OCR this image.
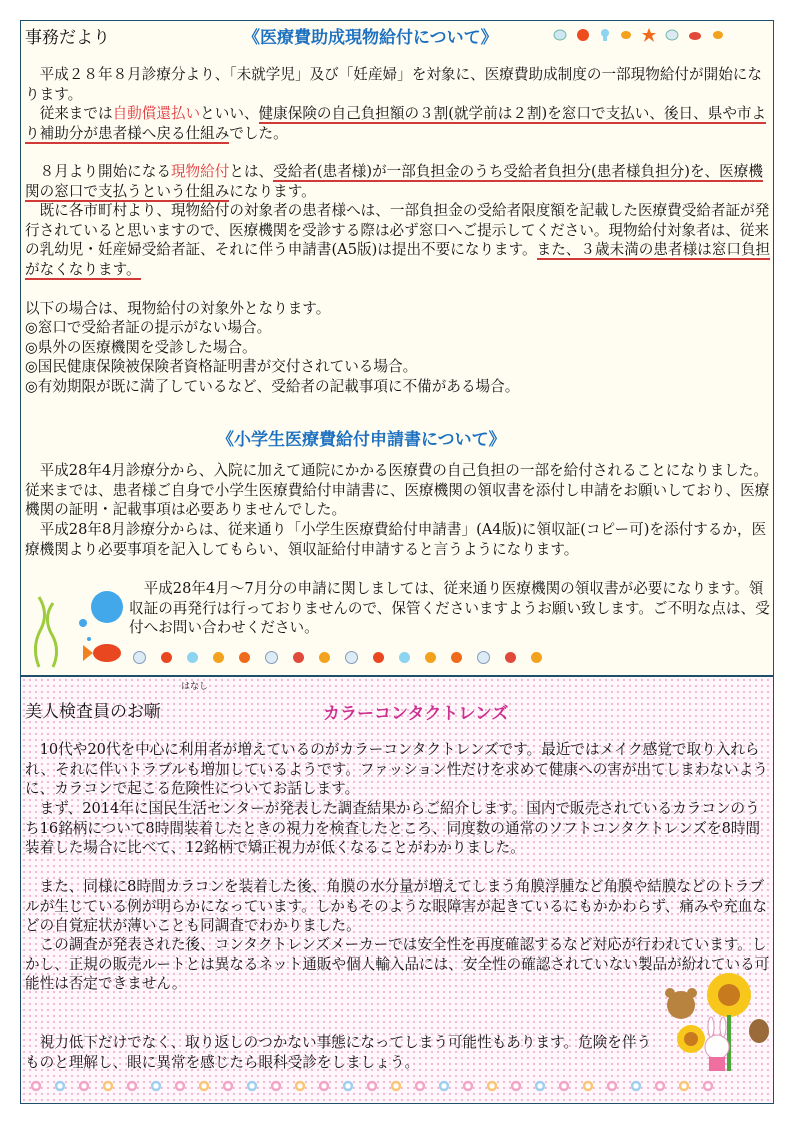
事務だより	《医療費助成現物給付について》

　平成２８年８月診療分より、「未就学児」及び「妊産婦」を対象に、医療費助成制度の一部現物給付が開始になります。

　従来までは自動償還払いといい、健康保険の自己負担額の３割(就学前は２割)を窓口で支払い、後日、県や市より補助分が患者様へ戻る仕組みでした。

　８月より開始になる現物給付とは、受給者(患者様)が一部負担金のうち受給者負担分(患者様負担分)を、医療機関の窓口で支払うという仕組みになります。

　既に各市町村より、現物給付の対象者の患者様へは、一部負担金の受給者限度額を記載した医療費受給者証が発行されていると思いますので、医療機関を受診する際は必ず窓口へご提示してください。現物給付対象者は、従来の乳幼児・妊産婦受給者証、それに伴う申請書(A5版)は提出不要になります。また、３歳未満の患者様は窓口負担がなくなります。

以下の場合は、現物給付の対象外となります。

◎窓口で受給者証の提示がない場合。

◎県外の医療機関を受診した場合。

◎国民健康保険被保険者資格証明書が交付されている場合。

◎有効期限が既に満了しているなど、受給者の記載事項に不備がある場合。

《小学生医療費給付申請書について》

　平成28年4月診療分から、入院に加えて通院にかかる医療費の自己負担の一部を給付されることになりました。従来までは、患者様ご自身で小学生医療費給付申請書に、医療機関の領収書を添付し申請をお願いしており、医療機関の証明・記載事項は必要ありませんでした。

　平成28年8月診療分からは、従来通り「小学生医療費給付申請書」(A4版)に領収証(コピー可)を添付するか，医療機関より必要事項を記入してもらい、領収証給付申請すると言うようになります。

　平成28年4月～7月分の申請に関しましては、従来通り医療機関の領収書が必要になります。領収証の再発行は行っておりませんので、保管くださいますようお願い致します。ご不明な点は、受付へお問い合わせください。

はなし
美人検査員のお噺	カラーコンタクトレンズ

　10代や20代を中心に利用者が増えているのがカラーコンタクトレンズです。最近ではメイク感覚で取り入れられ、それに伴いトラブルも増加しているようです。ファッション性だけを求めて健康への害が出てしまわないように、カラコンで起こる危険性についてお話します。

　まず、2014年に国民生活センターが発表した調査結果からご紹介します。国内で販売されているカラコンのうち16銘柄について8時間装着したときの視力を検査したところ、同度数の通常のソフトコンタクトレンズを8時間装着した場合に比べて、12銘柄で矯正視力が低くなることがわかりました。

　また、同様に8時間カラコンを装着した後、角膜の水分量が増えてしまう角膜浮腫など角膜や結膜などのトラブルが生じている例が明らかになっています。しかもそのような眼障害が起きているにもかかわらず、痛みや充血などの自覚症状が薄いことも同調査でわかりました。

　この調査が発表された後、コンタクトレンズメーカーでは安全性を再度確認するなど対応が行われています。しかし、正規の販売ルートとは異なるネット通販や個人輸入品には、安全性の確認されていない製品が紛れている可能性は否定できません。

　視力低下だけでなく、取り返しのつかない事態になってしまう可能性もあります。危険を伴うものと理解し、眼に異常を感じたら眼科受診をしましょう。
